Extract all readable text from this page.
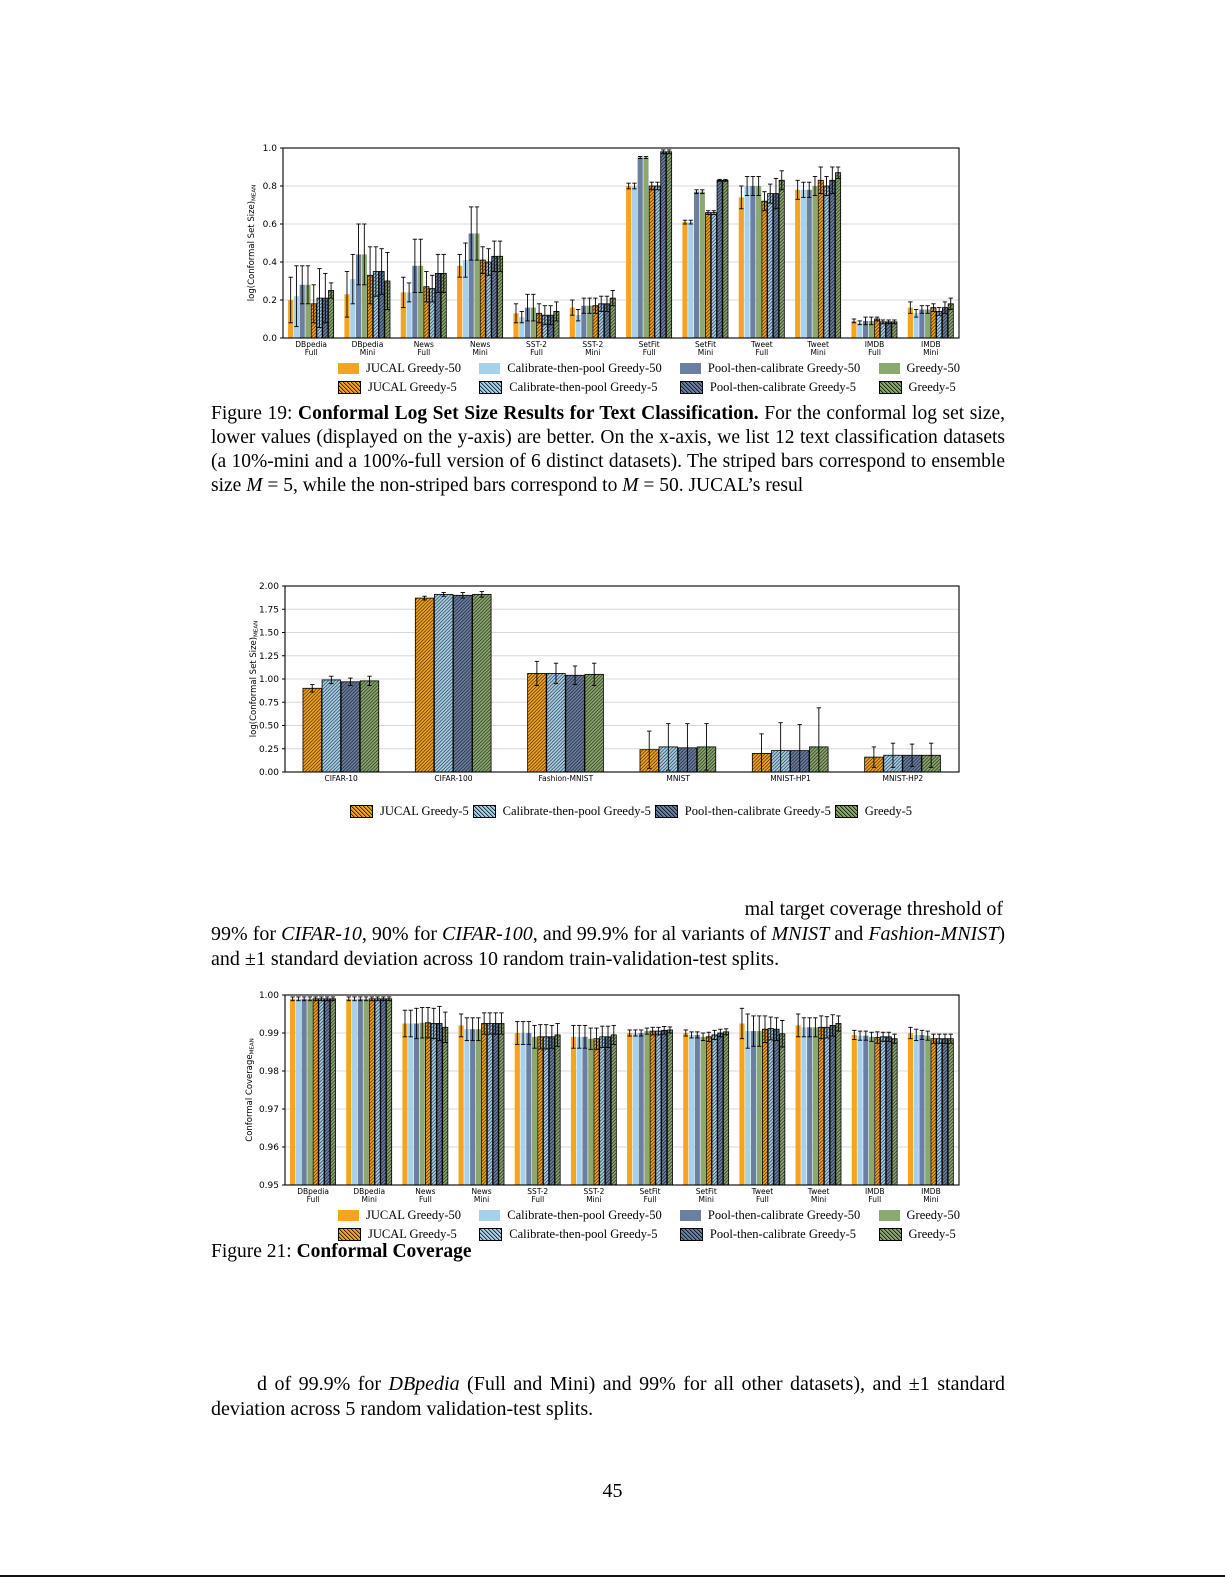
0.0
0.2
0.4
0.6
0.8
1.0
DBpedia
Full
DBpedia
Mini
News
Full
News
Mini
SST-2
Full
SST-2
Mini
SetFit
Full
SetFit
Mini
Tweet
Full
Tweet
Mini
IMDB
Full
IMDB
Mini
log(Conformal Set Size)MEAN
JUCAL Greedy-50	Calibrate-then-pool Greedy-50	Pool-then-calibrate Greedy-50	Greedy-50
JUCAL Greedy-5	Calibrate-then-pool Greedy-5	Pool-then-calibrate Greedy-5	Greedy-5
Figure 19: Conformal Log Set Size Results for Text Classification. For the conformal log set size, lower values (displayed on the y-axis) are better. On the x-axis, we list 12 text classification datasets (a 10%-mini and a 100%-full version of 6 distinct datasets). The striped bars correspond to ensemble size M = 5, while the non-striped bars correspond to M = 50. JUCAL’s resul
0.00
0.25
0.50
0.75
1.00
1.25
1.50
1.75
2.00
CIFAR-10	CIFAR-100	Fashion-MNIST	MNIST	MNIST-HP1	MNIST-HP2
log(Conformal Set Size)MEAN
JUCAL Greedy-5	Calibrate-then-pool Greedy-5	Pool-then-calibrate Greedy-5	Greedy-5
mal target coverage threshold of
99% for CIFAR-10, 90% for CIFAR-100, and 99.9% for al variants of MNIST and Fashion-MNIST) and ±1 standard deviation across 10 random train-validation-test splits.
0.95
0.96
0.97
0.98
0.99
1.00
DBpedia
Full
DBpedia
Mini
News
Full
News
Mini
SST-2
Full
SST-2
Mini
SetFit
Full
SetFit
Mini
Tweet
Full
Tweet
Mini
IMDB
Full
IMDB
Mini
Conformal CoverageMEAN
JUCAL Greedy-50	Calibrate-then-pool Greedy-50	Pool-then-calibrate Greedy-50	Greedy-50
JUCAL Greedy-5	Calibrate-then-pool Greedy-5	Pool-then-calibrate Greedy-5	Greedy-5
Figure 21: Conformal Coverage
d of 99.9% for DBpedia (Full and Mini) and 99% for all other datasets), and ±1 standard deviation across 5 random validation-test splits.
45
